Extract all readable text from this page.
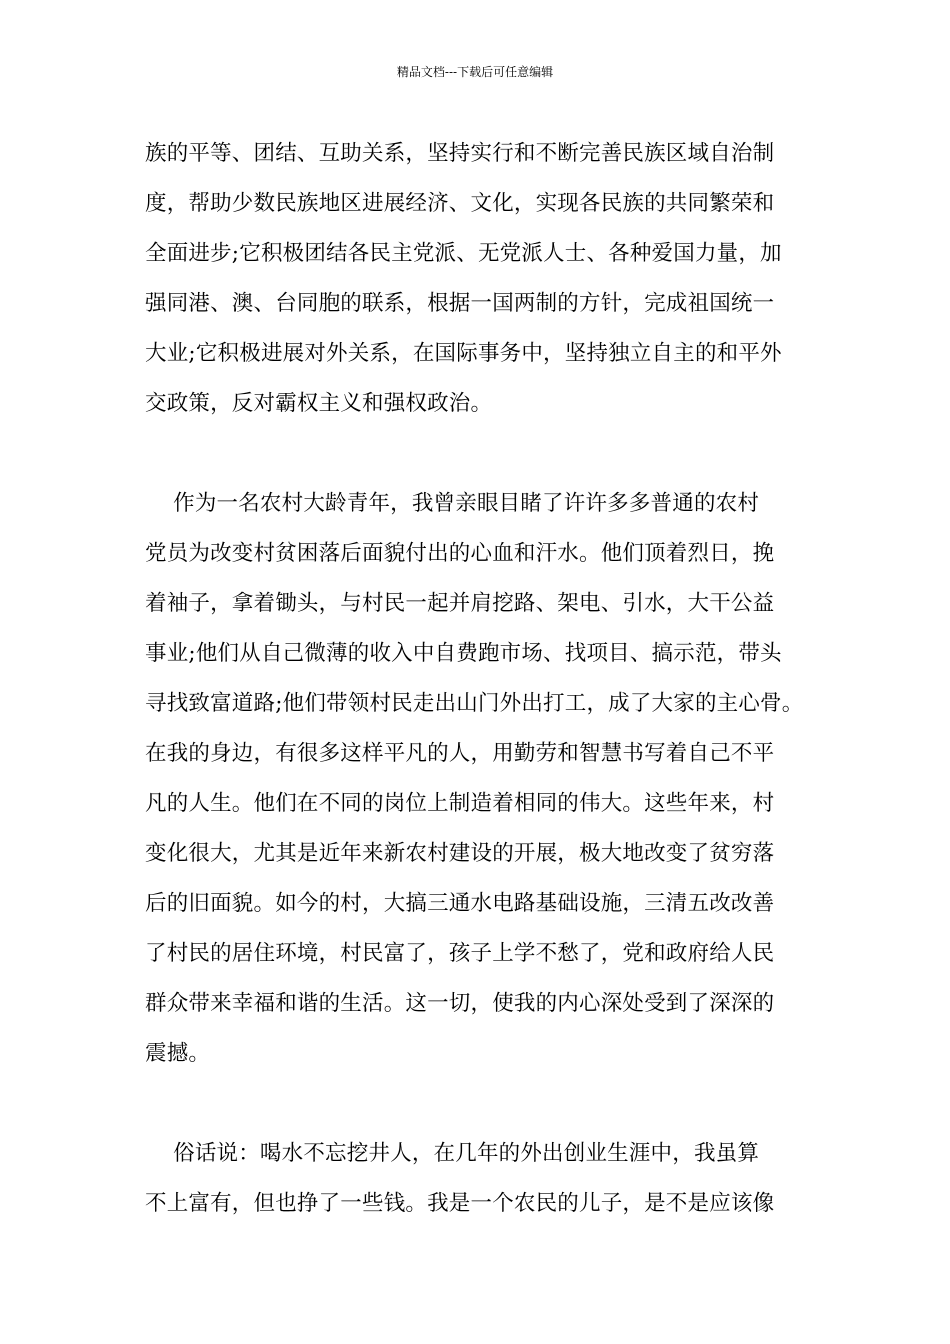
精品文档---下载后可任意编辑
族的平等、团结、互助关系，坚持实行和不断完善民族区域自治制
度，帮助少数民族地区进展经济、文化，实现各民族的共同繁荣和
全面进步;它积极团结各民主党派、无党派人士、各种爱国力量，加
强同港、澳、台同胞的联系，根据一国两制的方针，完成祖国统一
大业;它积极进展对外关系，在国际事务中，坚持独立自主的和平外
交政策，反对霸权主义和强权政治。
作为一名农村大龄青年，我曾亲眼目睹了许许多多普通的农村
党员为改变村贫困落后面貌付出的心血和汗水。他们顶着烈日，挽
着袖子，拿着锄头，与村民一起并肩挖路、架电、引水，大干公益
事业;他们从自己微薄的收入中自费跑市场、找项目、搞示范，带头
寻找致富道路;他们带领村民走出山门外出打工，成了大家的主心骨。
在我的身边，有很多这样平凡的人，用勤劳和智慧书写着自己不平
凡的人生。他们在不同的岗位上制造着相同的伟大。这些年来，村
变化很大，尤其是近年来新农村建设的开展，极大地改变了贫穷落
后的旧面貌。如今的村，大搞三通水电路基础设施，三清五改改善
了村民的居住环境，村民富了，孩子上学不愁了，党和政府给人民
群众带来幸福和谐的生活。这一切，使我的内心深处受到了深深的
震撼。
俗话说：喝水不忘挖井人，在几年的外出创业生涯中，我虽算
不上富有，但也挣了一些钱。我是一个农民的儿子，是不是应该像
